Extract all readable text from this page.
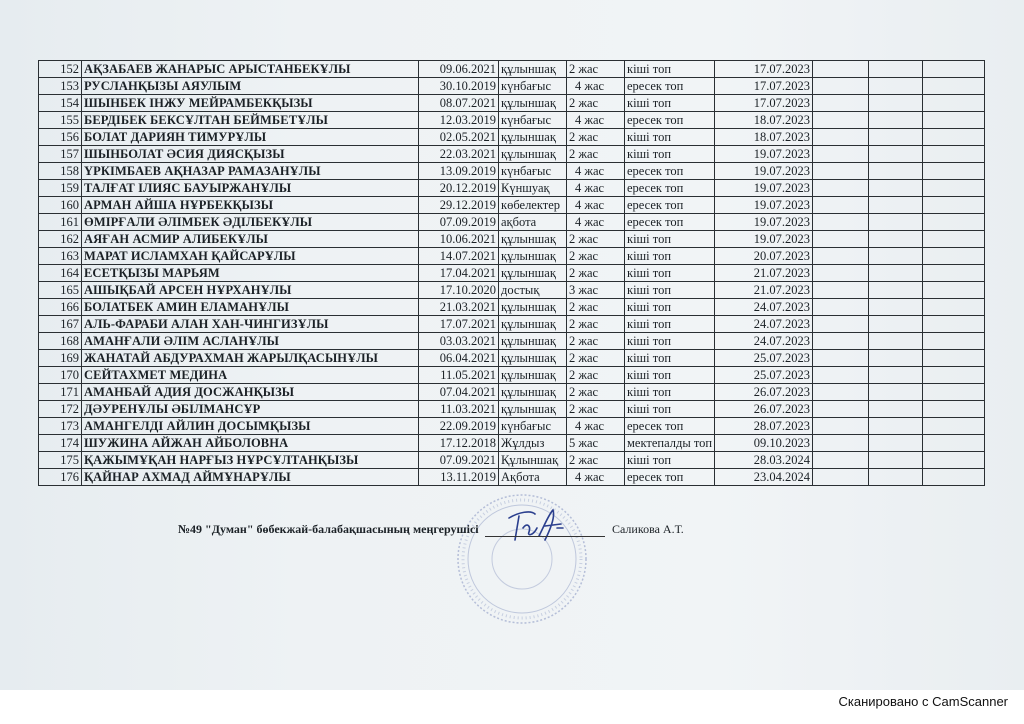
152	АҚЗАБАЕВ ЖАНАРЫС АРЫСТАНБЕКҰЛЫ	09.06.2021	құлыншақ	2 жас	кіші топ	17.07.2023			
153	РУСЛАНҚЫЗЫ АЯУЛЫМ	30.10.2019	күнбағыс	4 жас	ересек топ	17.07.2023			
154	ШЫНБЕК ІНЖУ МЕЙРАМБЕКҚЫЗЫ	08.07.2021	құлыншақ	2 жас	кіші топ	17.07.2023			
155	БЕРДІБЕК БЕКСҰЛТАН БЕЙМБЕТҰЛЫ	12.03.2019	күнбағыс	4 жас	ересек топ	18.07.2023			
156	БОЛАТ ДАРИЯН ТИМУРҰЛЫ	02.05.2021	құлыншақ	2 жас	кіші топ	18.07.2023			
157	ШЫНБОЛАТ ӘСИЯ ДИЯСҚЫЗЫ	22.03.2021	құлыншақ	2 жас	кіші топ	19.07.2023			
158	ҮРКІМБАЕВ АҚНАЗАР РАМАЗАНҰЛЫ	13.09.2019	күнбағыс	4 жас	ересек топ	19.07.2023			
159	ТАЛҒАТ ІЛИЯС БАУЫРЖАНҰЛЫ	20.12.2019	Күншуақ	4 жас	ересек топ	19.07.2023			
160	АРМАН АЙША НҰРБЕКҚЫЗЫ	29.12.2019	көбелектер	4 жас	ересек топ	19.07.2023			
161	ӨМІРҒАЛИ ӘЛІМБЕК ӘДІЛБЕКҰЛЫ	07.09.2019	ақбота	4 жас	ересек топ	19.07.2023			
162	АЯҒАН АСМИР АЛИБЕКҰЛЫ	10.06.2021	құлыншақ	2 жас	кіші топ	19.07.2023			
163	МАРАТ ИСЛАМХАН ҚАЙСАРҰЛЫ	14.07.2021	құлыншақ	2 жас	кіші топ	20.07.2023			
164	ЕСЕТҚЫЗЫ МАРЬЯМ	17.04.2021	құлыншақ	2 жас	кіші топ	21.07.2023			
165	АШЫҚБАЙ АРСЕН НҰРХАНҰЛЫ	17.10.2020	достық	3 жас	кіші топ	21.07.2023			
166	БОЛАТБЕК АМИН ЕЛАМАНҰЛЫ	21.03.2021	құлыншақ	2 жас	кіші топ	24.07.2023			
167	АЛЬ-ФАРАБИ АЛАН ХАН-ЧИНГИЗҰЛЫ	17.07.2021	құлыншақ	2 жас	кіші топ	24.07.2023			
168	АМАНҒАЛИ ӘЛІМ АСЛАНҰЛЫ	03.03.2021	құлыншақ	2 жас	кіші топ	24.07.2023			
169	ЖАНАТАЙ АБДУРАХМАН ЖАРЫЛҚАСЫНҰЛЫ	06.04.2021	құлыншақ	2 жас	кіші топ	25.07.2023			
170	СЕЙТАХМЕТ МЕДИНА	11.05.2021	құлыншақ	2 жас	кіші топ	25.07.2023			
171	АМАНБАЙ АДИЯ ДОСЖАНҚЫЗЫ	07.04.2021	құлыншақ	2 жас	кіші топ	26.07.2023			
172	ДӘУРЕНҰЛЫ ӘБІЛМАНСҰР	11.03.2021	құлыншақ	2 жас	кіші топ	26.07.2023			
173	АМАНГЕЛДІ АЙЛИН ДОСЫМҚЫЗЫ	22.09.2019	күнбағыс	4 жас	ересек топ	28.07.2023			
174	ШУЖИНА АЙЖАН АЙБОЛОВНА	17.12.2018	Жұлдыз	5 жас	мектепалды топ	09.10.2023			
175	ҚАЖЫМҰҚАН НАРҒЫЗ НҰРСҰЛТАНҚЫЗЫ	07.09.2021	Құлыншақ	2 жас	кіші топ	28.03.2024			
176	ҚАЙНАР АХМАД АЙМҰНАРҰЛЫ	13.11.2019	Ақбота	4 жас	ересек топ	23.04.2024			
№49 "Думан" бөбекжай-балабақшасының меңгерушісі	Саликова А.Т.
Сканировано с CamScanner
